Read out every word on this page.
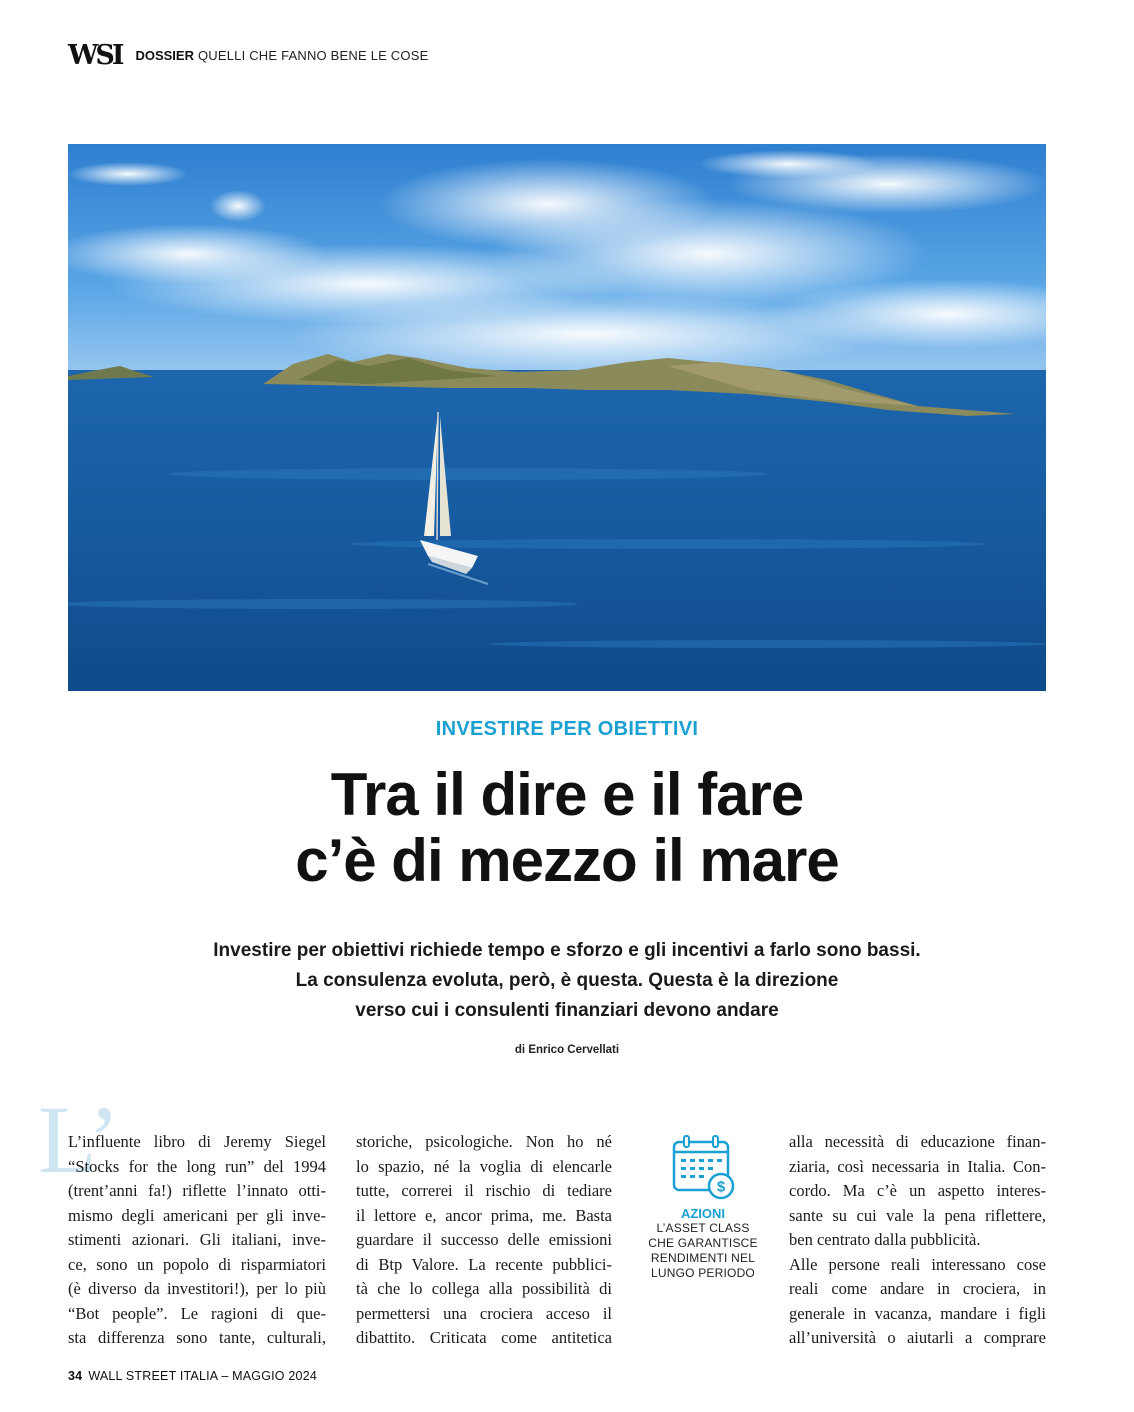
WSI DOSSIER QUELLI CHE FANNO BENE LE COSE
INVESTIRE PER OBIETTIVI
Tra il dire e il fare
c’è di mezzo il mare
Investire per obiettivi richiede tempo e sforzo e gli incentivi a farlo sono bassi.
La consulenza evoluta, però, è questa. Questa è la direzione
verso cui i consulenti finanziari devono andare
di Enrico Cervellati
L’
L’influente libro di Jeremy Siegel
“Stocks for the long run” del 1994
(trent’anni fa!) riflette l’innato otti-
mismo degli americani per gli inve-
stimenti azionari. Gli italiani, inve-
ce, sono un popolo di risparmiatori
(è diverso da investitori!), per lo più
“Bot people”. Le ragioni di que-
sta differenza sono tante, culturali,
storiche, psicologiche. Non ho né
lo spazio, né la voglia di elencarle
tutte, correrei il rischio di tediare
il lettore e, ancor prima, me. Basta
guardare il successo delle emissioni
di Btp Valore. La recente pubblici-
tà che lo collega alla possibilità di
permettersi una crociera acceso il
dibattito. Criticata come antitetica
$
AZIONI
L’ASSET CLASS
CHE GARANTISCE
RENDIMENTI NEL
LUNGO PERIODO
alla necessità di educazione finan-
ziaria, così necessaria in Italia. Con-
cordo. Ma c’è un aspetto interes-
sante su cui vale la pena riflettere,
ben centrato dalla pubblicità.
Alle persone reali interessano cose
reali come andare in crociera, in
generale in vacanza, mandare i figli
all’università o aiutarli a comprare
34 WALL STREET ITALIA – MAGGIO 2024
